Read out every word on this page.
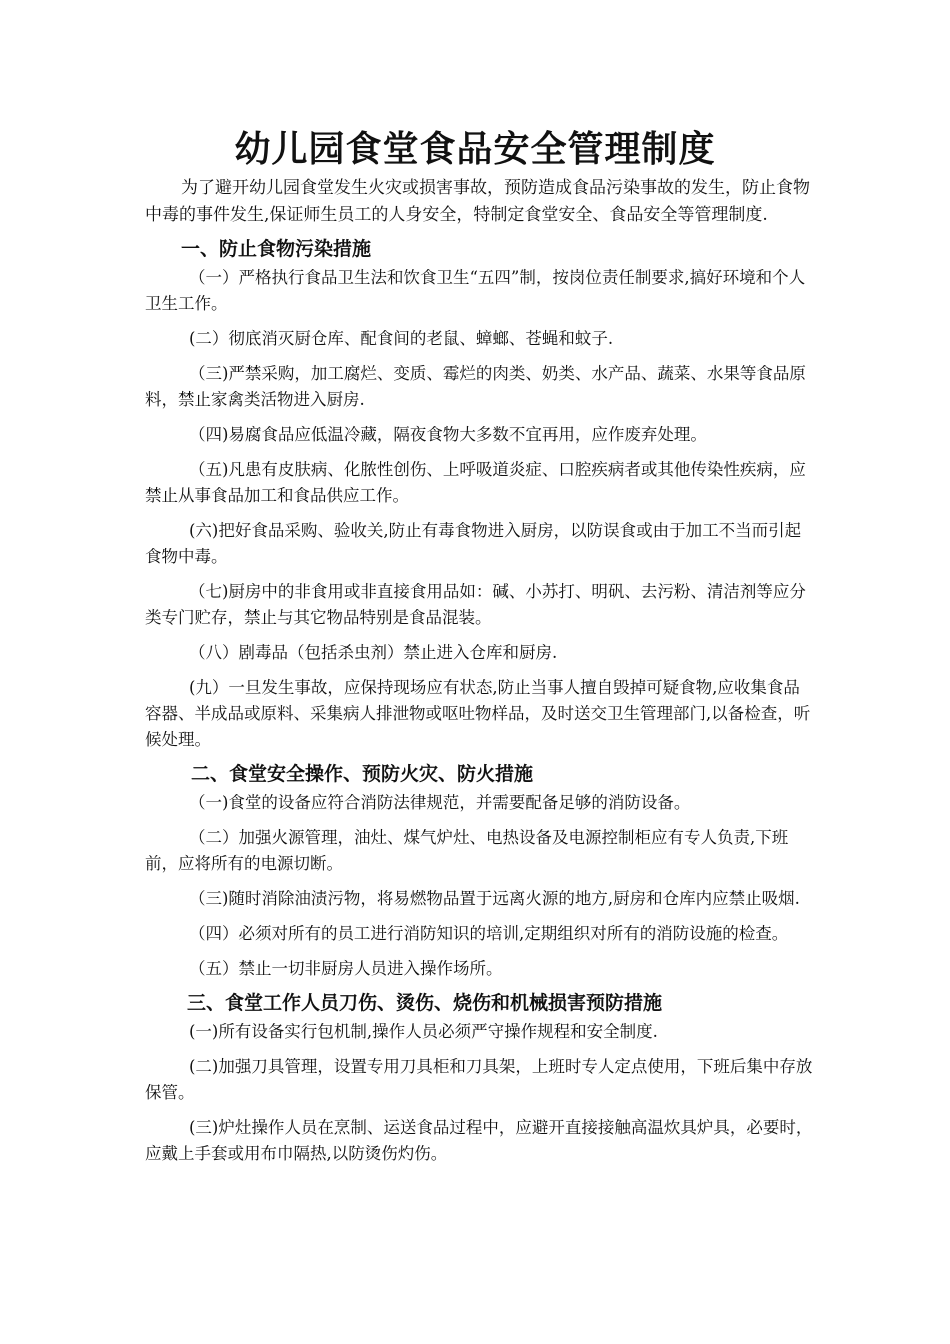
幼儿园食堂食品安全管理制度

为了避开幼儿园食堂发生火灾或损害事故，预防造成食品污染事故的发生，防止食物中毒的事件发生,保证师生员工的人身安全，特制定食堂安全、食品安全等管理制度.

一、防止食物污染措施

（一）严格执行食品卫生法和饮食卫生“五四”制，按岗位责任制要求,搞好环境和个人卫生工作。

(二）彻底消灭厨仓库、配食间的老鼠、蟑螂、苍蝇和蚊子.

（三)严禁采购，加工腐烂、变质、霉烂的肉类、奶类、水产品、蔬菜、水果等食品原料，禁止家禽类活物进入厨房.

（四)易腐食品应低温冷藏，隔夜食物大多数不宜再用，应作废弃处理。

（五)凡患有皮肤病、化脓性创伤、上呼吸道炎症、口腔疾病者或其他传染性疾病，应禁止从事食品加工和食品供应工作。

(六)把好食品采购、验收关,防止有毒食物进入厨房，以防误食或由于加工不当而引起食物中毒。

（七)厨房中的非食用或非直接食用品如：碱、小苏打、明矾、去污粉、清洁剂等应分类专门贮存，禁止与其它物品特别是食品混装。

（八）剧毒品（包括杀虫剂）禁止进入仓库和厨房.

(九）一旦发生事故，应保持现场应有状态,防止当事人擅自毁掉可疑食物,应收集食品容器、半成品或原料、采集病人排泄物或呕吐物样品，及时送交卫生管理部门,以备检查，听候处理。

二、食堂安全操作、预防火灾、防火措施

（一)食堂的设备应符合消防法律规范，并需要配备足够的消防设备。

（二）加强火源管理，油灶、煤气炉灶、电热设备及电源控制柜应有专人负责,下班前，应将所有的电源切断。

（三)随时消除油渍污物，将易燃物品置于远离火源的地方,厨房和仓库内应禁止吸烟.

（四）必须对所有的员工进行消防知识的培训,定期组织对所有的消防设施的检查。

（五）禁止一切非厨房人员进入操作场所。

三、食堂工作人员刀伤、烫伤、烧伤和机械损害预防措施

(一)所有设备实行包机制,操作人员必须严守操作规程和安全制度.

(二)加强刀具管理，设置专用刀具柜和刀具架，上班时专人定点使用，下班后集中存放保管。

(三)炉灶操作人员在烹制、运送食品过程中，应避开直接接触高温炊具炉具，必要时，应戴上手套或用布巾隔热,以防烫伤灼伤。
